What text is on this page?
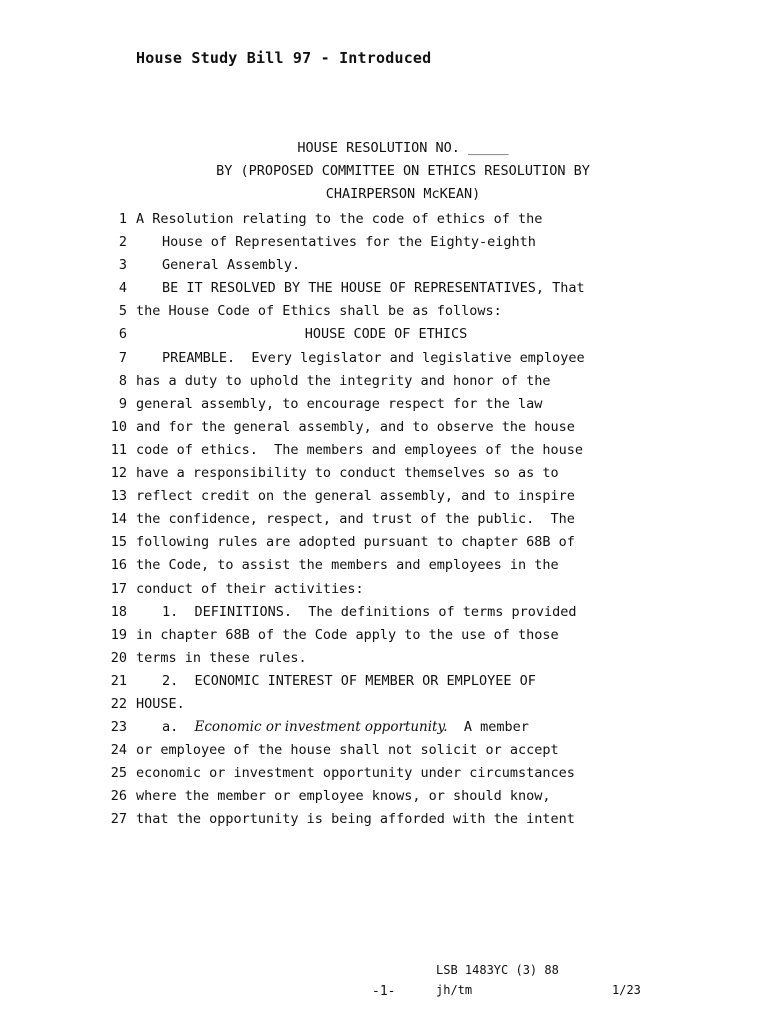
House Study Bill 97 - Introduced
HOUSE RESOLUTION NO. _____
BY (PROPOSED COMMITTEE ON ETHICS RESOLUTION BY
CHAIRPERSON McKEAN)
1 A Resolution relating to the code of ethics of the
2	House of Representatives for the Eighty-eighth
3	General Assembly.
4	BE IT RESOLVED BY THE HOUSE OF REPRESENTATIVES, That
5 the House Code of Ethics shall be as follows:
6	HOUSE CODE OF ETHICS
7	PREAMBLE.  Every legislator and legislative employee
8 has a duty to uphold the integrity and honor of the
9 general assembly, to encourage respect for the law
10 and for the general assembly, and to observe the house
11 code of ethics.  The members and employees of the house
12 have a responsibility to conduct themselves so as to
13 reflect credit on the general assembly, and to inspire
14 the confidence, respect, and trust of the public.  The
15 following rules are adopted pursuant to chapter 68B of
16 the Code, to assist the members and employees in the
17 conduct of their activities:
18	1.  DEFINITIONS.  The definitions of terms provided
19 in chapter 68B of the Code apply to the use of those
20 terms in these rules.
21	2.  ECONOMIC INTEREST OF MEMBER OR EMPLOYEE OF
22 HOUSE.
23	a.  Economic or investment opportunity.  A member
24 or employee of the house shall not solicit or accept
25 economic or investment opportunity under circumstances
26 where the member or employee knows, or should know,
27 that the opportunity is being afforded with the intent
LSB 1483YC (3) 88
-1-	jh/tm	1/23
